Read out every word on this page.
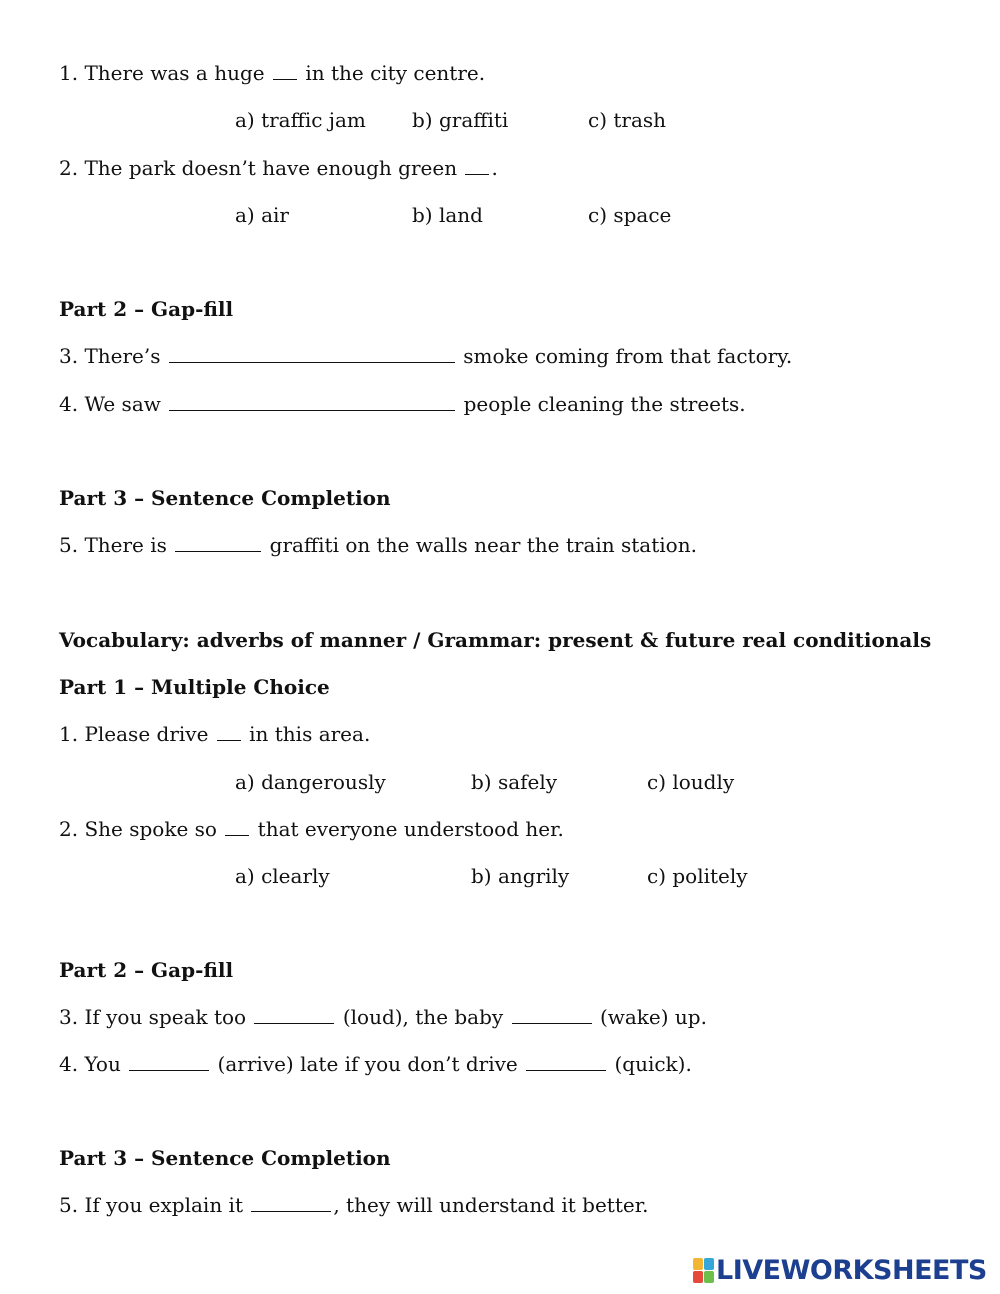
1. There was a huge in the city centre.
a) traffic jam b) graffiti	c) trash
2. The park doesn’t have enough green .
a) air	b) land	c) space
Part 2 – Gap-fill
3. There’s	smoke coming from that factory.
4. We saw	people cleaning the streets.
Part 3 – Sentence Completion
5. There is	graffiti on the walls near the train station.
Vocabulary: adverbs of manner / Grammar: present & future real conditionals
Part 1 – Multiple Choice
1. Please drive in this area.
a) dangerously	b) safely	c) loudly
2. She spoke so that everyone understood her.
a) clearly	b) angrily	c) politely
Part 2 – Gap-fill
3. If you speak too	(loud), the baby	(wake) up.
4. You	(arrive) late if you don’t drive	(quick).
Part 3 – Sentence Completion
5. If you explain it	, they will understand it better.
LIVEWORKSHEETS
